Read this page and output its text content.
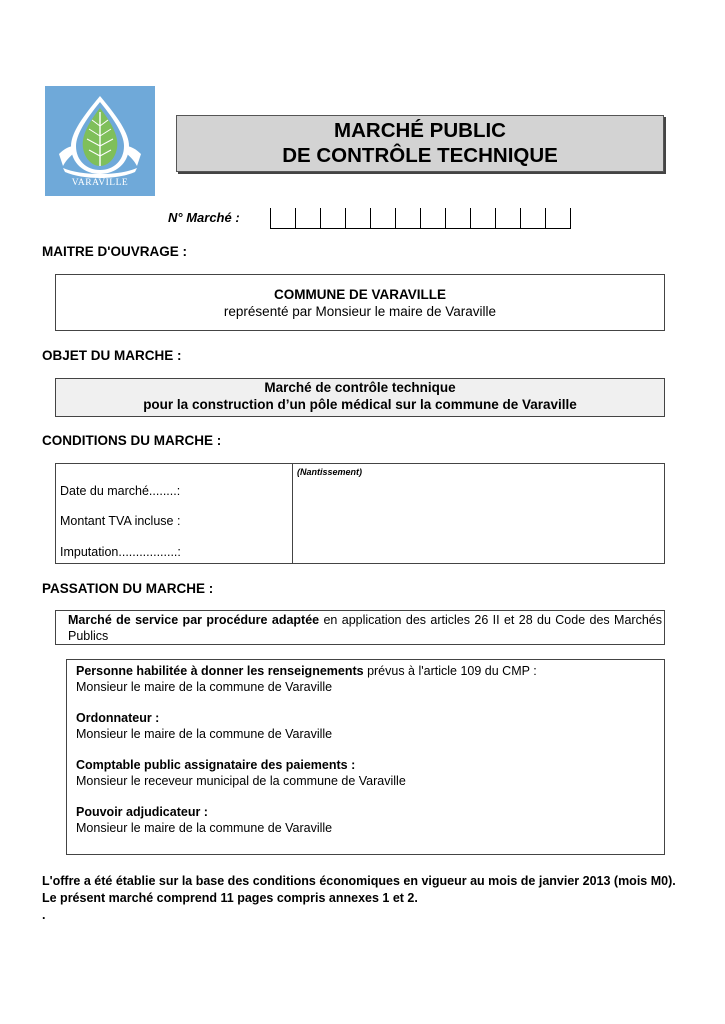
VARAVILLE
MARCHÉ PUBLIC
DE CONTRÔLE TECHNIQUE
N° Marché :
MAITRE D'OUVRAGE :
COMMUNE DE VARAVILLE
représenté par Monsieur le maire de Varaville
OBJET DU MARCHE :
Marché de contrôle technique
pour la construction d’un pôle médical sur la commune de Varaville
CONDITIONS DU MARCHE :
Date du marché........:
Montant TVA incluse :
Imputation.................:
(Nantissement)
PASSATION DU MARCHE :
Marché de service par procédure adaptée en application des articles 26 II et 28 du Code des Marchés Publics
Personne habilitée à donner les renseignements prévus à l'article 109 du CMP :
Monsieur le maire de la commune de Varaville
Ordonnateur :
Monsieur le maire de la commune de Varaville
Comptable public assignataire des paiements :
Monsieur le receveur municipal de la commune de Varaville
Pouvoir adjudicateur :
Monsieur le maire de la commune de Varaville
L'offre a été établie sur la base des conditions économiques en vigueur au mois de janvier 2013 (mois M0).
Le présent marché comprend 11 pages compris annexes 1 et 2.
.
